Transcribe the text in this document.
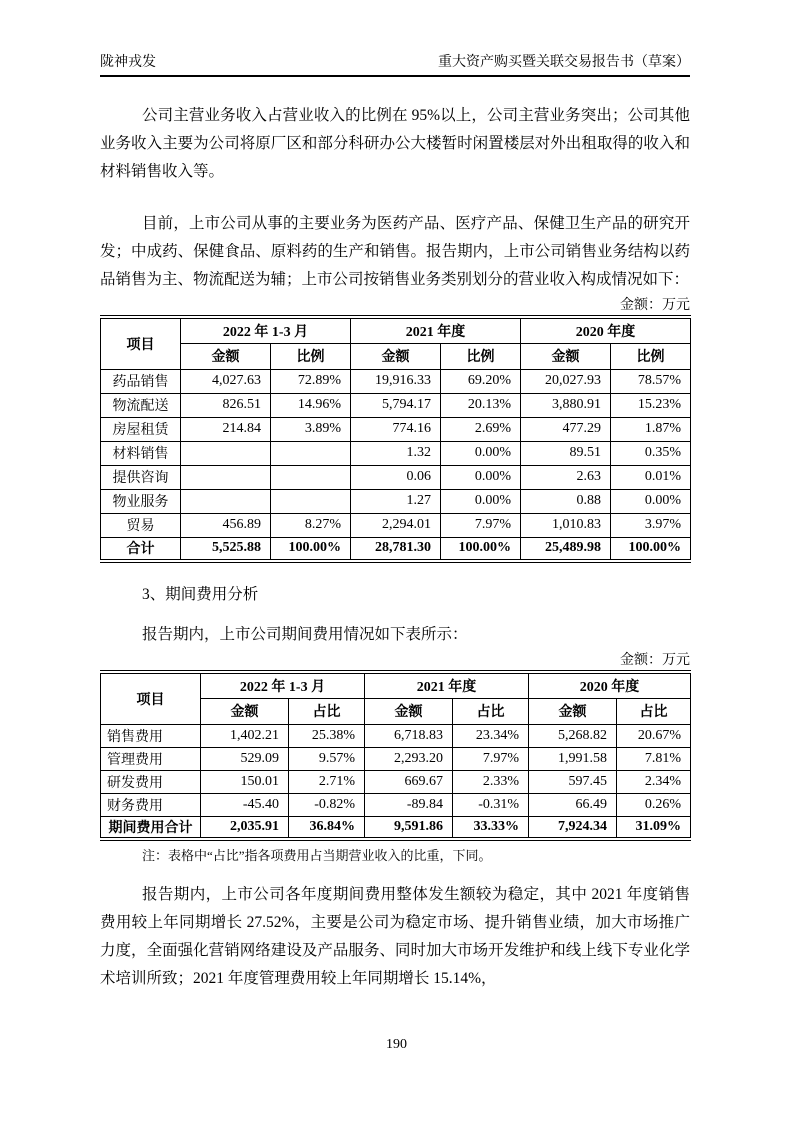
陇神戎发	重大资产购买暨关联交易报告书（草案）

公司主营业务收入占营业收入的比例在 95%以上，公司主营业务突出；公司其他业务收入主要为公司将原厂区和部分科研办公大楼暂时闲置楼层对外出租取得的收入和材料销售收入等。

目前，上市公司从事的主要业务为医药产品、医疗产品、保健卫生产品的研究开发；中成药、保健食品、原料药的生产和销售。报告期内，上市公司销售业务结构以药品销售为主、物流配送为辅；上市公司按销售业务类别划分的营业收入构成情况如下：

金额：万元
项目	2022 年 1-3 月		2021 年度		2020 年度	
	金额	比例	金额	比例	金额	比例
药品销售	4,027.63	72.89%	19,916.33	69.20%	20,027.93	78.57%
物流配送	826.51	14.96%	5,794.17	20.13%	3,880.91	15.23%
房屋租赁	214.84	3.89%	774.16	2.69%	477.29	1.87%
材料销售			1.32	0.00%	89.51	0.35%
提供咨询			0.06	0.00%	2.63	0.01%
物业服务			1.27	0.00%	0.88	0.00%
贸易	456.89	8.27%	2,294.01	7.97%	1,010.83	3.97%
合计	5,525.88	100.00%	28,781.30	100.00%	25,489.98	100.00%

3、期间费用分析

报告期内，上市公司期间费用情况如下表所示：

金额：万元
项目	2022 年 1-3 月		2021 年度		2020 年度	
	金额	占比	金额	占比	金额	占比
销售费用	1,402.21	25.38%	6,718.83	23.34%	5,268.82	20.67%
管理费用	529.09	9.57%	2,293.20	7.97%	1,991.58	7.81%
研发费用	150.01	2.71%	669.67	2.33%	597.45	2.34%
财务费用	-45.40	-0.82%	-89.84	-0.31%	66.49	0.26%
期间费用合计	2,035.91	36.84%	9,591.86	33.33%	7,924.34	31.09%

注：表格中“占比”指各项费用占当期营业收入的比重，下同。

报告期内，上市公司各年度期间费用整体发生额较为稳定，其中 2021 年度销售费用较上年同期增长 27.52%，主要是公司为稳定市场、提升销售业绩，加大市场推广力度，全面强化营销网络建设及产品服务、同时加大市场开发维护和线上线下专业化学术培训所致；2021 年度管理费用较上年同期增长 15.14%，

190
